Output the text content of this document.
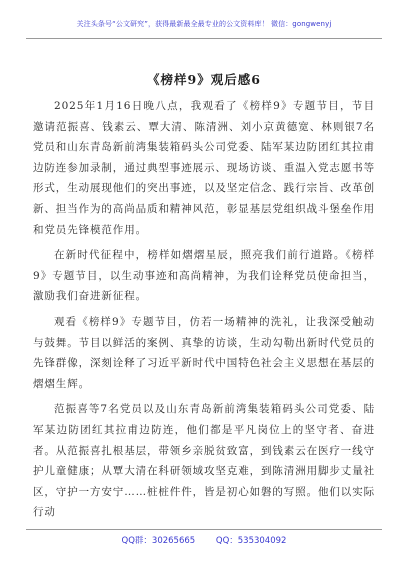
关注头条号“公文研究”，获得最新最全最专业的公文资料库！ 微信：gongwenyj
《榜样9》观后感6

2025年1月16日晚八点，我观看了《榜样9》专题节目，节目邀请范振喜、钱素云、覃大清、陈清洲、刘小京黄德宽、林则银7名党员和山东青岛新前湾集装箱码头公司党委、陆军某边防团红其拉甫边防连参加录制，通过典型事迹展示、现场访谈、重温入党志愿书等形式，生动展现他们的突出事迹，以及坚定信念、践行宗旨、改革创新、担当作为的高尚品质和精神风范，彰显基层党组织战斗堡垒作用和党员先锋模范作用。

在新时代征程中，榜样如熠熠星辰，照亮我们前行道路。《榜样9》专题节目，以生动事迹和高尚精神，为我们诠释党员使命担当，激励我们奋进新征程。

观看《榜样9》专题节目，仿若一场精神的洗礼，让我深受触动与鼓舞。节目以鲜活的案例、真挚的访谈，生动勾勒出新时代党员的先锋群像，深刻诠释了习近平新时代中国特色社会主义思想在基层的熠熠生辉。

范振喜等7名党员以及山东青岛新前湾集装箱码头公司党委、陆军某边防团红其拉甫边防连，他们都是平凡岗位上的坚守者、奋进者。从范振喜扎根基层，带领乡亲脱贫致富，到钱素云在医疗一线守护儿童健康；从覃大清在科研领域攻坚克难，到陈清洲用脚步丈量社区，守护一方安宁……桩桩件件，皆是初心如磐的写照。他们以实际行动

QQ群：30265665 QQ：535304092
